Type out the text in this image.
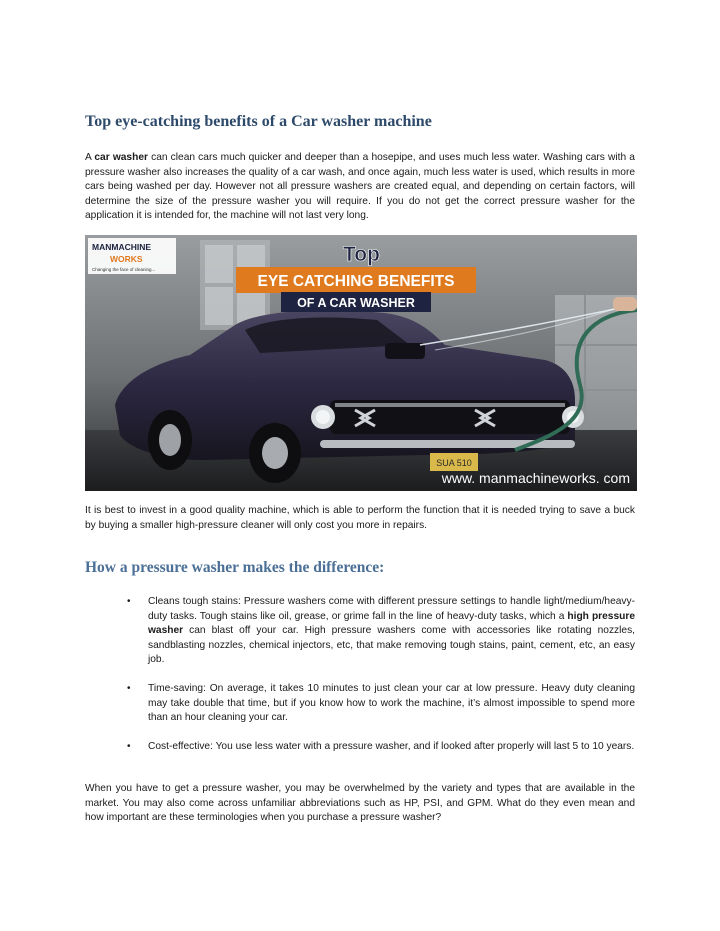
Top eye-catching benefits of a Car washer machine

A car washer can clean cars much quicker and deeper than a hosepipe, and uses much less water. Washing cars with a pressure washer also increases the quality of a car wash, and once again, much less water is used, which results in more cars being washed per day. However not all pressure washers are created equal, and depending on certain factors, will determine the size of the pressure washer you will require. If you do not get the correct pressure washer for the application it is intended for, the machine will not last very long.

SUA 510
MANMACHINE
WORKS
Changing the face of cleaning...
Top
EYE CATCHING BENEFITS
OF A CAR WASHER
www. manmachineworks. com

It is best to invest in a good quality machine, which is able to perform the function that it is needed trying to save a buck by buying a smaller high-pressure cleaner will only cost you more in repairs.

How a pressure washer makes the difference:
• Cleans tough stains: Pressure washers come with different pressure settings to handle light/medium/heavy-duty tasks. Tough stains like oil, grease, or grime fall in the line of heavy-duty tasks, which a high pressure washer can blast off your car. High pressure washers come with accessories like rotating nozzles, sandblasting nozzles, chemical injectors, etc, that make removing tough stains, paint, cement, etc, an easy job.
• Time-saving: On average, it takes 10 minutes to just clean your car at low pressure. Heavy duty cleaning may take double that time, but if you know how to work the machine, it’s almost impossible to spend more than an hour cleaning your car.
• Cost-effective: You use less water with a pressure washer, and if looked after properly will last 5 to 10 years.

When you have to get a pressure washer, you may be overwhelmed by the variety and types that are available in the market. You may also come across unfamiliar abbreviations such as HP, PSI, and GPM. What do they even mean and how important are these terminologies when you purchase a pressure washer?
